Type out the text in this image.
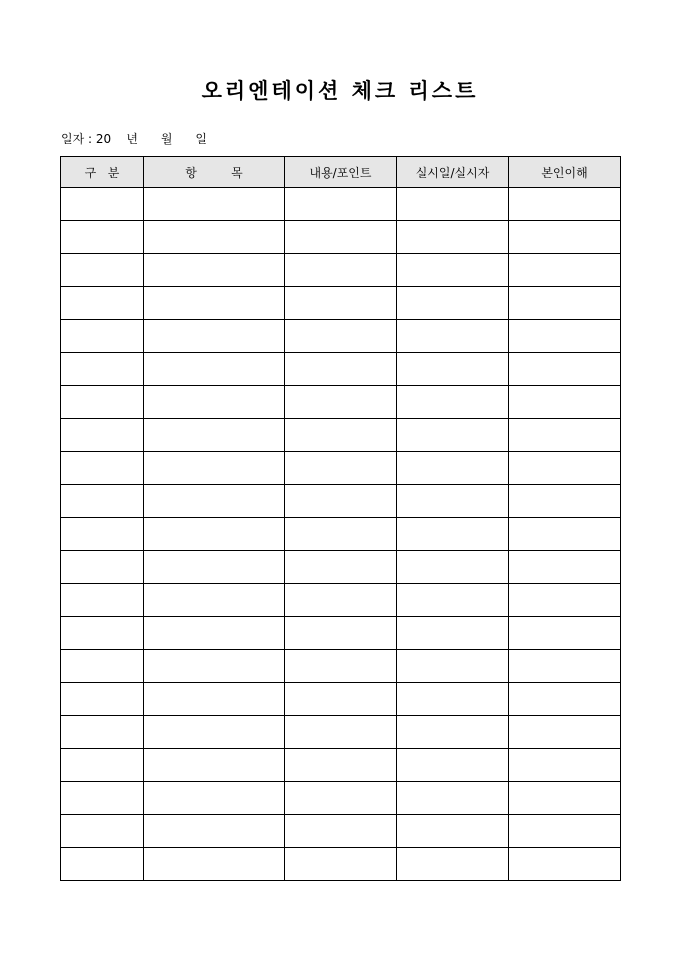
오리엔테이션 체크 리스트
일자 : 20 년 월 일
구   분	항         목	내용/포인트	실시일/실시자	본인이해
